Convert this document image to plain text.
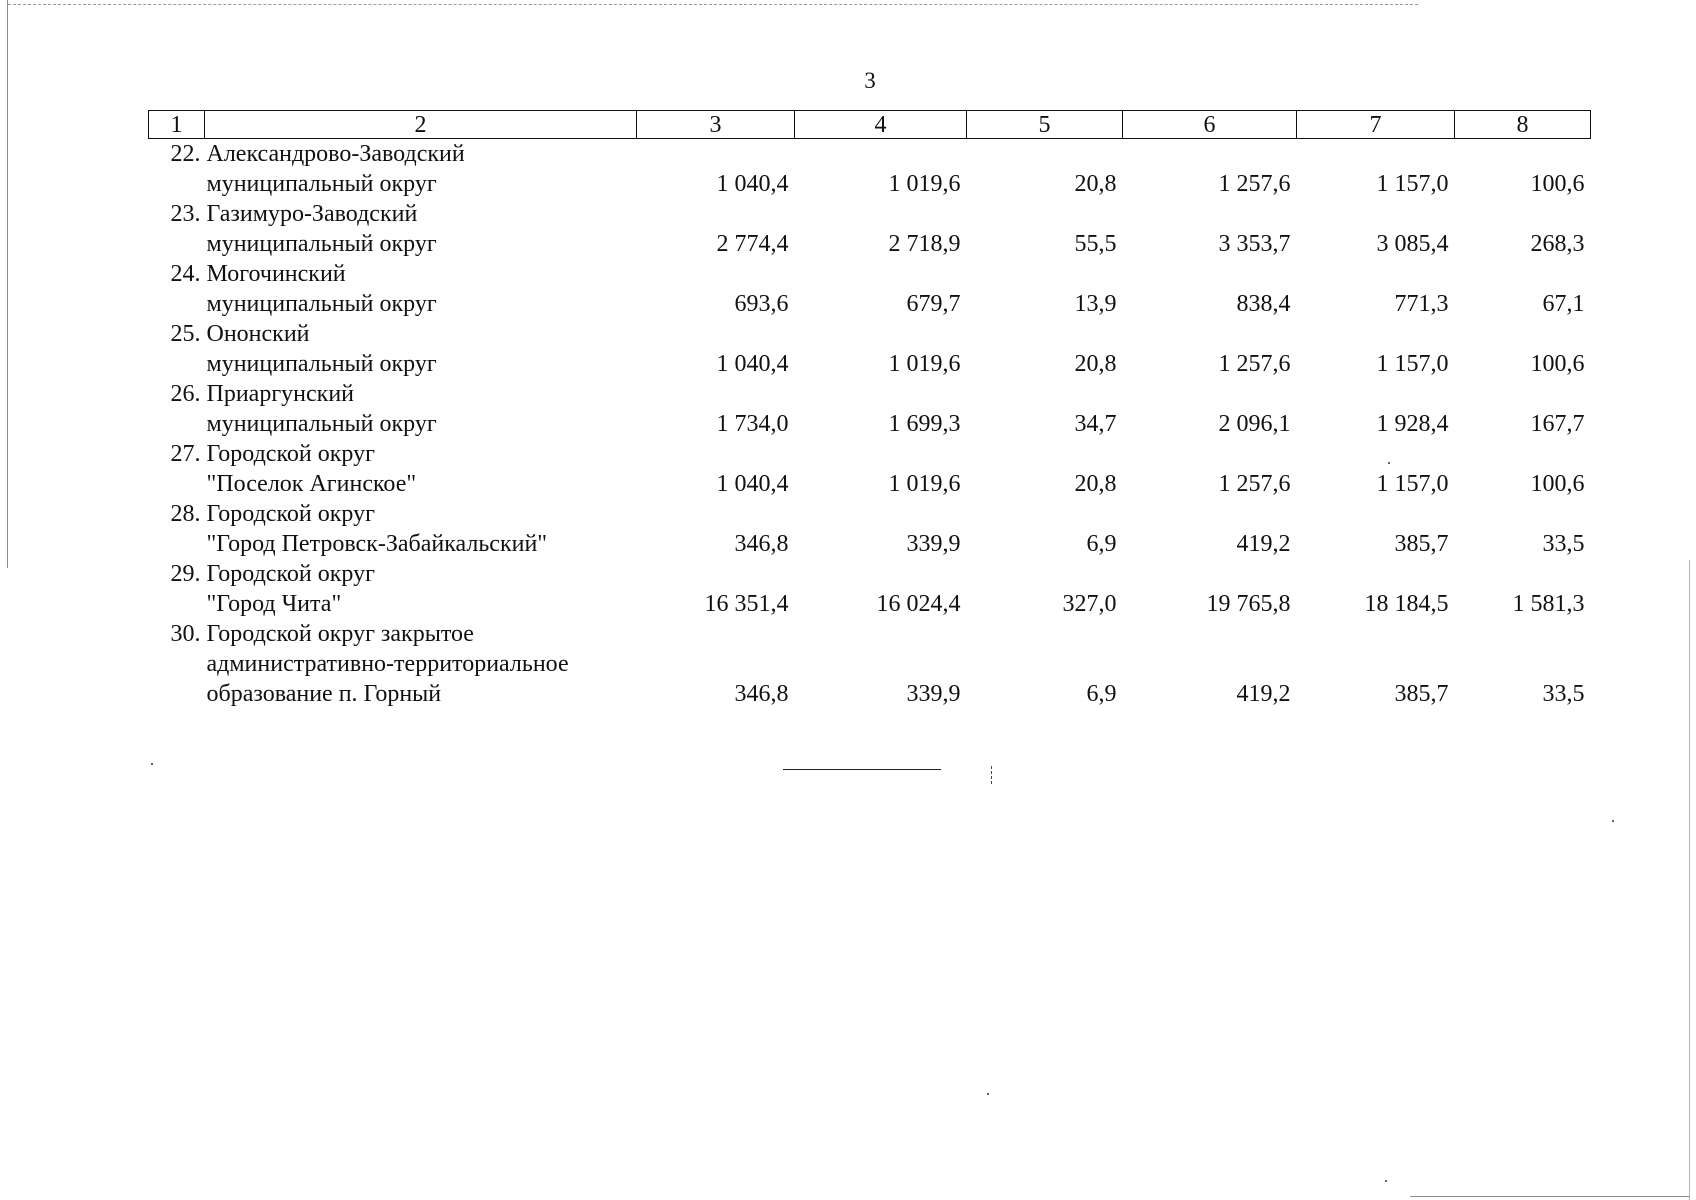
3
1	2	3	4	5	6	7	8
22.	Александрово-Заводский
муниципальный округ	1 040,4	1 019,6	20,8	1 257,6	1 157,0	100,6
23.	Газимуро-Заводский
муниципальный округ	2 774,4	2 718,9	55,5	3 353,7	3 085,4	268,3
24.	Могочинский
муниципальный округ	693,6	679,7	13,9	838,4	771,3	67,1
25.	Ононский
муниципальный округ	1 040,4	1 019,6	20,8	1 257,6	1 157,0	100,6
26.	Приаргунский
муниципальный округ	1 734,0	1 699,3	34,7	2 096,1	1 928,4	167,7
27.	Городской округ
"Поселок Агинское"	1 040,4	1 019,6	20,8	1 257,6	1 157,0	100,6
28.	Городской округ
"Город Петровск-Забайкальский"	346,8	339,9	6,9	419,2	385,7	33,5
29.	Городской округ
"Город Чита"	16 351,4	16 024,4	327,0	19 765,8	18 184,5	1 581,3
30.	Городской округ закрытое
административно-территориальное
образование п. Горный	346,8	339,9	6,9	419,2	385,7	33,5
